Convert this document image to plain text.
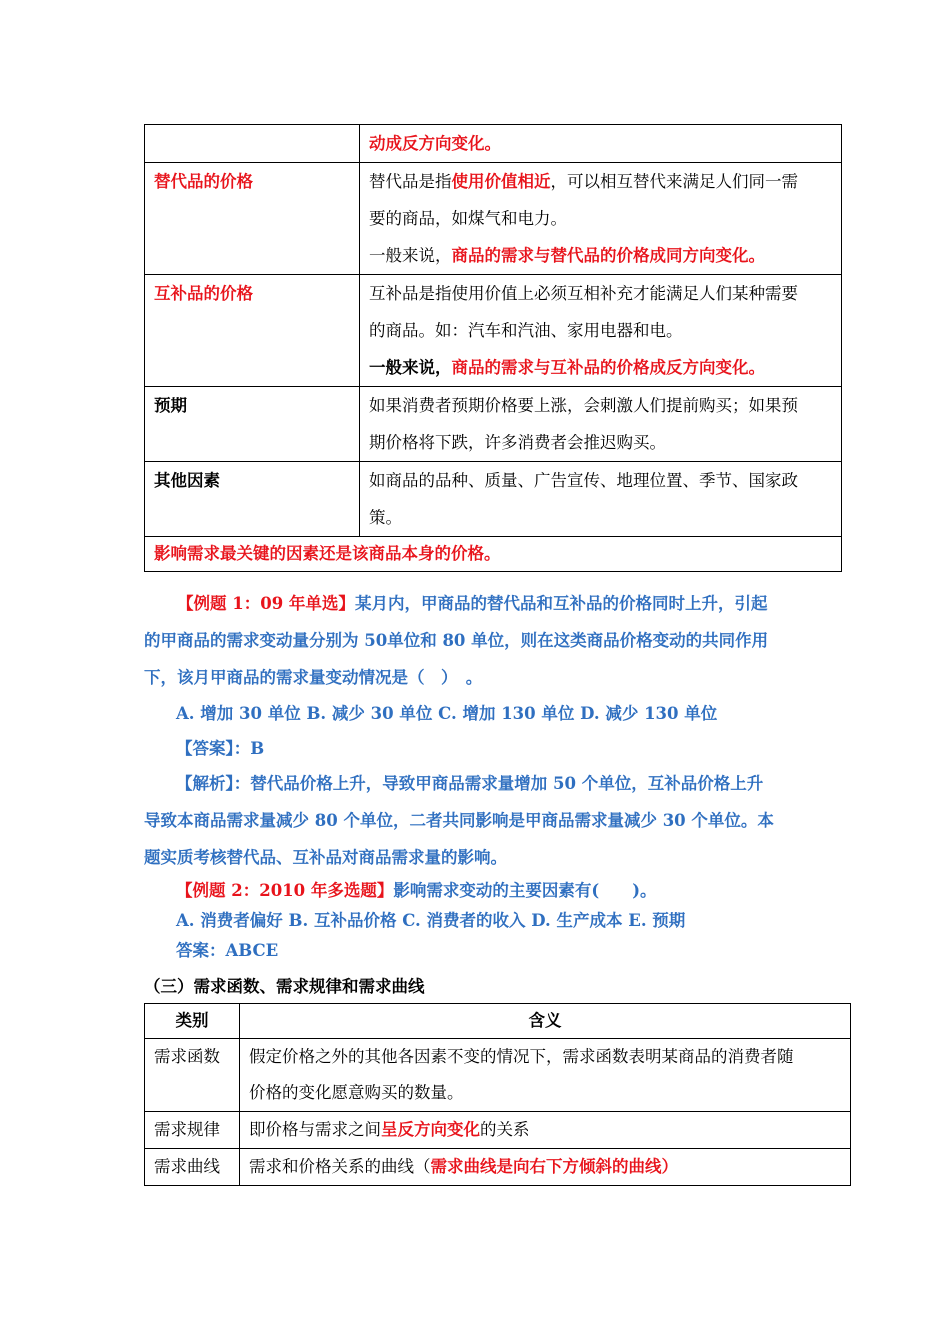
	动成反方向变化。

替代品的价格	替代品是指使用价值相近，可以相互替代来满足人们同一需
要的商品，如煤气和电力。
一般来说，商品的需求与替代品的价格成同方向变化。

互补品的价格	互补品是指使用价值上必须互相补充才能满足人们某种需要
的商品。如：汽车和汽油、家用电器和电。
一般来说，商品的需求与互补品的价格成反方向变化。

预期	如果消费者预期价格要上涨，会刺激人们提前购买；如果预
期价格将下跌，许多消费者会推迟购买。

其他因素	如商品的品种、质量、广告宣传、地理位置、季节、国家政
策。

影响需求最关键的因素还是该商品本身的价格。	
【例题 1：09 年单选】某月内，甲商品的替代品和互补品的价格同时上升，引起
的甲商品的需求变动量分别为 50单位和 80 单位，则在这类商品价格变动的共同作用
下，该月甲商品的需求量变动情况是（　）　。
A. 增加 30 单位 B. 减少 30 单位 C. 增加 130 单位 D. 减少 130 单位
【答案】：B
【解析】：替代品价格上升，导致甲商品需求量增加 50 个单位，互补品价格上升
导致本商品需求量减少 80 个单位，二者共同影响是甲商品需求量减少 30 个单位。本
题实质考核替代品、互补品对商品需求量的影响。
【例题 2：2010 年多选题】影响需求变动的主要因素有(　　)。
A. 消费者偏好 B. 互补品价格 C. 消费者的收入 D. 生产成本 E. 预期
答案：ABCE
（三）需求函数、需求规律和需求曲线
类别	含义

需求函数	假定价格之外的其他各因素不变的情况下，需求函数表明某商品的消费者随
价格的变化愿意购买的数量。

需求规律	即价格与需求之间呈反方向变化的关系

需求曲线	需求和价格关系的曲线（需求曲线是向右下方倾斜的曲线）
